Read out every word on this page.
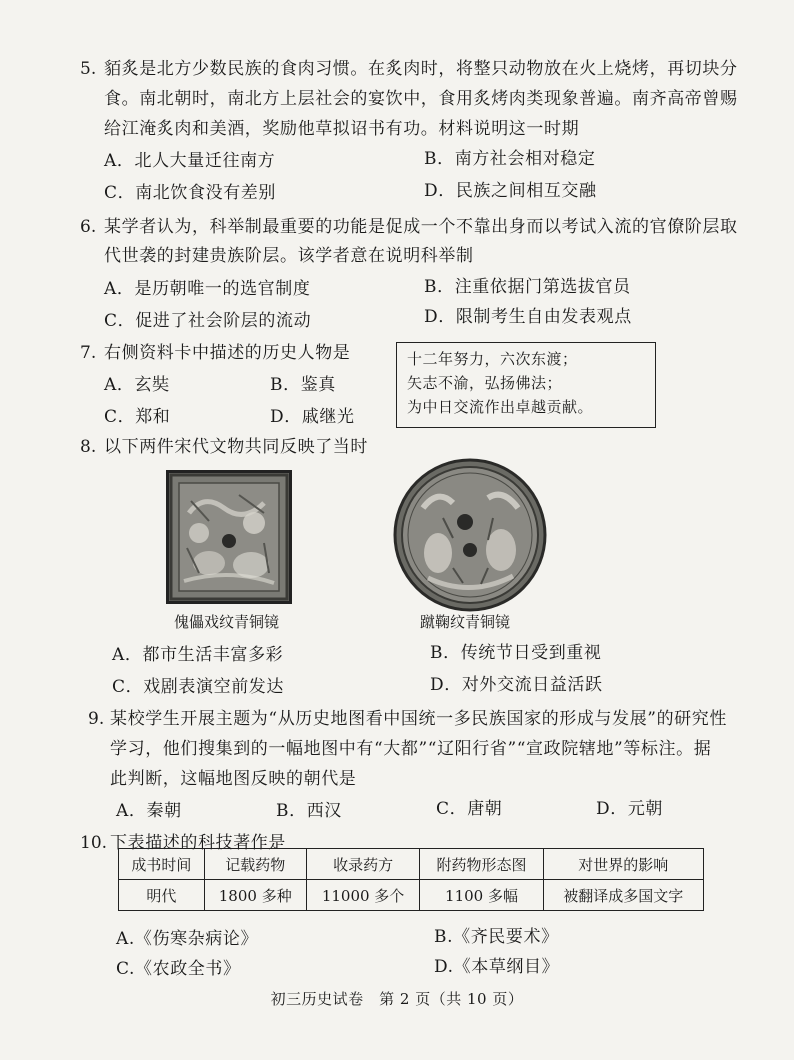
5. 貊炙是北方少数民族的食肉习惯。在炙肉时，将整只动物放在火上烧烤，再切块分
食。南北朝时，南北方上层社会的宴饮中，食用炙烤肉类现象普遍。南齐高帝曾赐
给江淹炙肉和美酒，奖励他草拟诏书有功。材料说明这一时期
A．北人大量迁往南方	B．南方社会相对稳定
C．南北饮食没有差别	D．民族之间相互交融
6. 某学者认为，科举制最重要的功能是促成一个不靠出身而以考试入流的官僚阶层取
代世袭的封建贵族阶层。该学者意在说明科举制
A．是历朝唯一的选官制度	B．注重依据门第选拔官员
C．促进了社会阶层的流动	D．限制考生自由发表观点
7. 右侧资料卡中描述的历史人物是
A．玄奘	B．鉴真
C．郑和	D．戚继光
十二年努力，六次东渡；
矢志不渝，弘扬佛法；
为中日交流作出卓越贡献。
8. 以下两件宋代文物共同反映了当时
傀儡戏纹青铜镜	蹴鞠纹青铜镜
A．都市生活丰富多彩	B．传统节日受到重视
C．戏剧表演空前发达	D．对外交流日益活跃
9. 某校学生开展主题为“从历史地图看中国统一多民族国家的形成与发展”的研究性
学习，他们搜集到的一幅地图中有“大都”“辽阳行省”“宣政院辖地”等标注。据
此判断，这幅地图反映的朝代是
A．秦朝	B．西汉	C．唐朝	D．元朝
10. 下表描述的科技著作是
成书时间	记载药物	收录药方	附药物形态图	对世界的影响
明代	1800 多种	11000 多个	1100 多幅	被翻译成多国文字
A.《伤寒杂病论》	B.《齐民要术》
C.《农政全书》	D.《本草纲目》
初三历史试卷　第 2 页（共 10 页）
